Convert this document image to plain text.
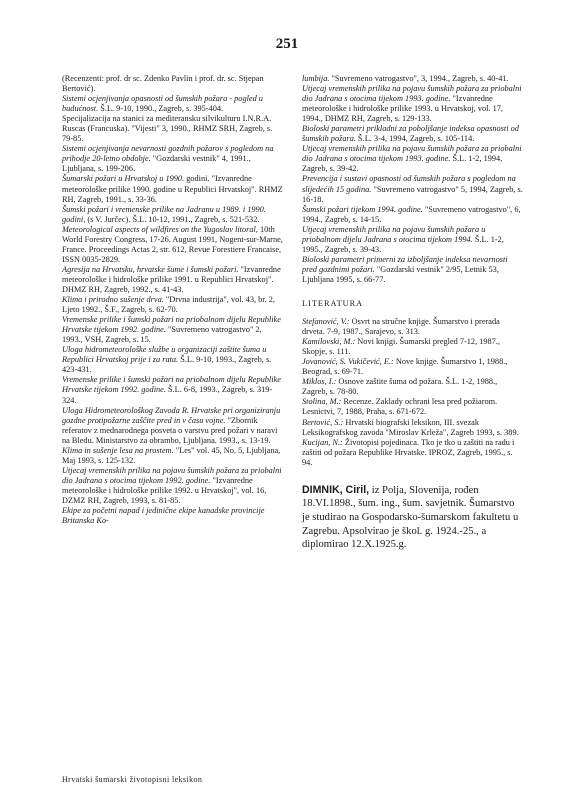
251

(Recenzenti: prof. dr sc. Zdenko Pavlin i prof. dr. sc. Stjepan Bertović).

Sistemi ocjenjivanja opasnosti od šumskih požara - pogled u budućnost. Š.L. 9-10, 1990., Zagreb, s. 395-404.

Specijalizacija na stanici za mediteransku silvikulturu I.N.R.A. Ruscas (Francuska). "Vijesti" 3, 1990., RHMZ SRH, Zagreb, s. 79-85.

Sistemi ocjenjivanja nevarnosti gozdnih požarov s pogledom na prihodje 20-letno obdobje. "Gozdarski vestnik" 4, 1991., Ljubljana, s. 199-206.

Šumarski požari u Hrvatskoj u 1990. godini. "Izvanredne meteorološke prilike 1990. godine u Republici Hrvatskoj". RHMZ RH, Zagreb, 1991., s. 33-36.

Šumski požari i vremenske prilike na Jadranu u 1989. i 1990. godini, (s V. Jurčec). Š.L. 10-12, 1991., Zagreb, s. 521-532.

Meteorological aspects of wildfires on the Yugoslav litoral, 10th World Forestry Congress, 17-26. August 1991, Nogent-sur-Marne, France. Proceedings Actas 2, str. 612, Revue Forestiere Francaise, ISSN 0035-2829.

Agresija na Hrvatsku, hrvatske šume i šumski požari. "Izvanredne meteorološke i hidrološke prilike 1991. u Republici Hrvatskoj". DHMZ RH, Zagreb, 1992., s. 41-43.

Klima i prirodno sušenje drva. "Drvna industrija", vol. 43, br. 2, Ljeto 1992., Š.F., Zagreb, s. 62-70.

Vremenske prilike i šumski požari na priobalnom dijelu Republike Hrvatske tijekom 1992. godine. "Suvremeno vatrogastvo" 2, 1993., VSH, Zagreb, s. 15.

Uloga hidrometeorološke službe u organizaciji zaštite šuma u Republici Hrvatskoj prije i za rata. Š.L. 9-10, 1993., Zagreb, s. 423-431.

Vremenske prilike i šumski požari na priobalnom dijelu Republike Hrvatske tijekom 1992. godine. Š.L. 6-8, 1993., Zagreb, s. 319-324.

Uloga Hidrometeorološkog Zavoda R. Hrvatske pri organiziranju gozdne protipožarne zaščite pred in v času vojne. "Zbornik referatov z mednarodnega posveta o varstvu pred požari v naravi na Bledu. Ministarstvo za obrambo, Ljubljana. 1993., s. 13-19.

Klima in sušenje lesa na prostem. "Les" vol. 45, No. 5, Ljubljana, Maj 1993, s. 125-132.

Utjecaj vremenskih prilika na pojavu šumskih požara za priobalni dio Jadrana s otocima tijekom 1992. godine. "Izvanredne meteorološke i hidrološke prilike 1992. u Hrvatskoj", vol. 16, DZMZ RH, Zagreb, 1993, s. 81-85.

Ekipe za početni napad i jedinične ekipe kanadske provincije Britanska Ko-

lumbija. "Suvremeno vatrogastvo", 3, 1994., Zagreb, s. 40-41.

Utjecaj vremenskih prilika na pojavu šumskih požara za priobalni dio Jadrana s otocima tijekom 1993. godine. "Izvanredne meteorološke i hidrološke prilike 1993. u Hrvatskoj, vol. 17, 1994., DHMZ RH, Zagreb, s. 129-133.

Bioloski parametri prikladni za poboljšanje indeksa opasnosti od šumskih požara. Š.L. 3-4, 1994, Zagreb, s. 105-114.

Utjecaj vremenskih prilika na pojavu šumskih požara za priobalni dio Jadrana s otocima tijekom 1993. godine. Š.L. 1-2, 1994, Zagreb, s. 39-42.

Prevencija i sustavi opasnosti od šumskih požara s pogledom na slijedećih 15 godina. "Suvremeno vatrogastvo" 5, 1994, Zagreb, s. 16-18.

Šumski požari tijekom 1994. godine. "Suvremeno vatrogastvo", 6, 1994., Zagreb, s. 14-15.

Utjecaj vremenskih prilika na pojavu šumskih požara u priobalnom dijelu Jadrana s otocima tijekom 1994. Š.L. 1-2, 1995., Zagreb, s. 39-43.

Bioloski parametri primerni za izboljšanje indeksa nevarnosti pred gozdnimi požari. "Gozdarski vestnik" 2/95, Letnik 53, Ljubljana 1995, s. 66-77.

LITERATURA

Stefanović, V.: Osvrt na stručne knjige. Šumarstvo i prerada drveta. 7-9, 1987., Sarajevo, s. 313.

Kamilovski, M.: Novi knjigi. Šumarski pregled 7-12, 1987., Skopje, s. 111.

Jovanović, S. Vukičević, E.: Nove knjige. Šumarstvo 1, 1988., Beograd, s. 69-71.

Miklos, I.: Osnove zaštite šuma od požara. Š.L. 1-2, 1988., Zagreb, s. 78-80.

Stolina, M.: Recenze. Zaklady ochrani lesa pred požiarom. Lesnictvi, 7, 1988, Praha, s. 671-672.

Bertović, S.: Hrvatski biografski leksikon, III. svezak Leksikografskog zavoda "Miroslav Krleža", Zagreb 1993, s. 389.

Kucijan, N.: Životopisi pojedinaca. Tko je tko u zaštiti na radu i zaštiti od požara Republike Hrvatske. IPROZ, Zagreb, 1995., s. 94.

DIMNIK, Ciril, iz Polja, Slovenija, rođen 18.VI.1898., šum. ing., šum. savjetnik. Šumarstvo je studirao na Gospodarsko-šumarskom fakultetu u Zagrebu. Apsolvirao je škol. g. 1924.-25., a diplomirao 12.X.1925.g.
Hrvatski šumarski životopisni leksikon
